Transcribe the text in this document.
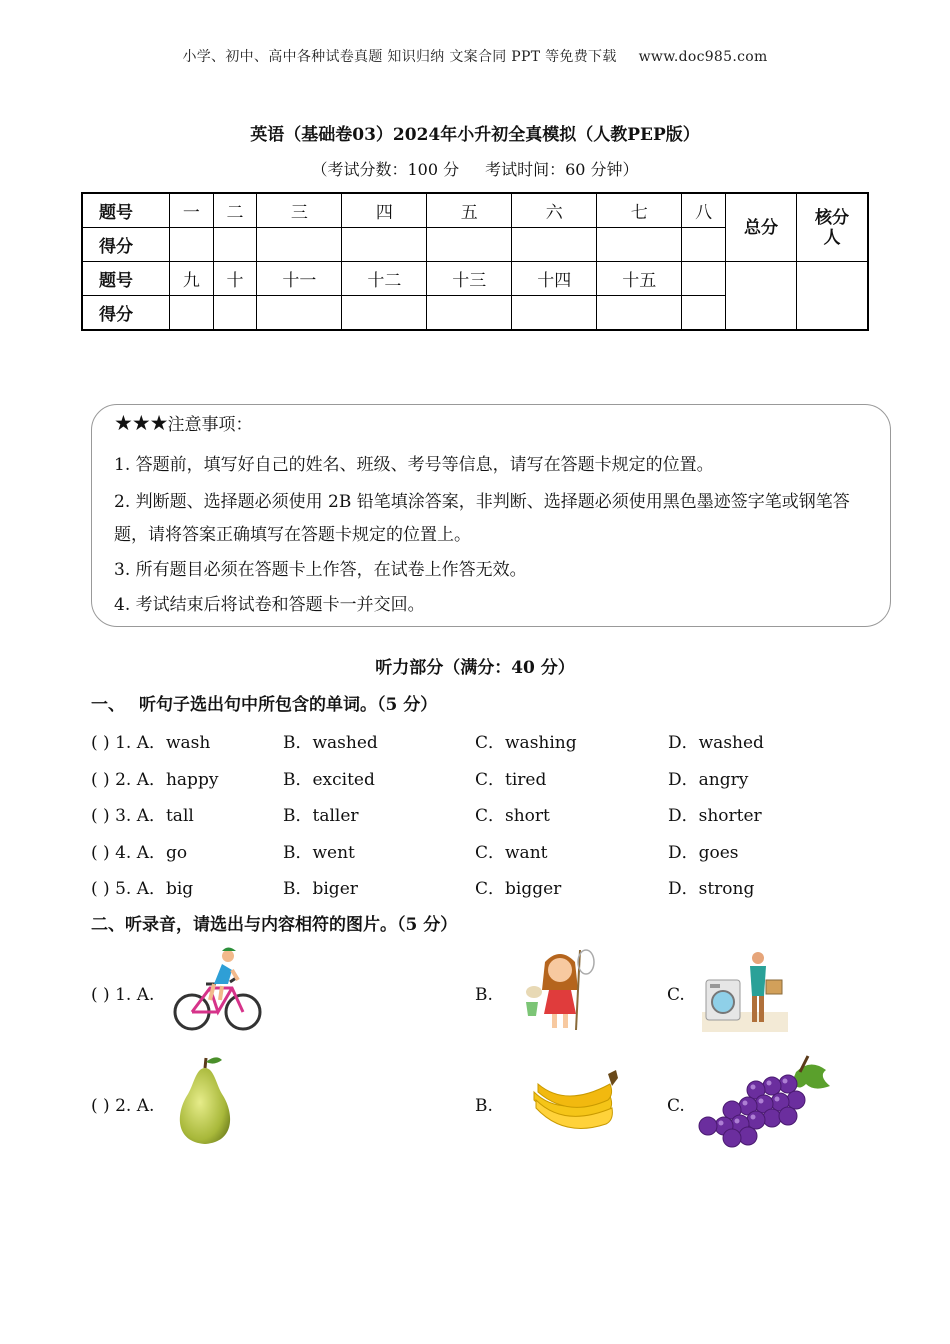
小学、初中、高中各种试卷真题 知识归纳 文案合同 PPT 等免费下载 www.doc985.com
英语（基础卷03）2024年小升初全真模拟（人教PEP版）
（考试分数：100 分 考试时间：60 分钟）
题号	一	二	三	四	五	六	七	八	总分	核分人

得分										
题号	九	十	十一	十二	十三	十四	十五			
得分										
★★★注意事项：

1. 答题前，填写好自己的姓名、班级、考号等信息，请写在答题卡规定的位置。

2. 判断题、选择题必须使用 2B 铅笔填涂答案，非判断、选择题必须使用黑色墨迹签字笔或钢笔答题，请将答案正确填写在答题卡规定的位置上。

3. 所有题目必须在答题卡上作答，在试卷上作答无效。

4. 考试结束后将试卷和答题卡一并交回。

听力部分（满分：40 分）
一、 听句子选出句中所包含的单词。（5 分）
( ) 1. A．wash	B．washed	C．washing	D．washed
( ) 2. A．happy	B．excited	C．tired	D．angry
( ) 3. A．tall	B．taller	C．short	D．shorter
( ) 4. A．go	B．went	C．want	D．goes
( ) 5. A．big	B．biger	C．bigger	D．strong
二、听录音，请选出与内容相符的图片。（5 分）
( ) 1. A.	B.	C.
( ) 2. A.	B.	C.
